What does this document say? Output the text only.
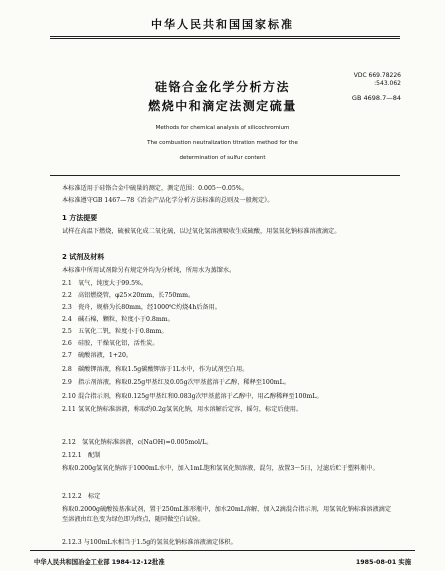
中华人民共和国国家标准
VDC 669.78226
:543.062
GB 4698.7—84
硅铬合金化学分析方法
燃烧中和滴定法测定硫量
Methods for chemical analysis of silicochromium
The combustion neutralization titration method for the
determination of sulfur content
本标准适用于硅铬合金中硫量的测定，测定范围：0.005～0.05%。
本标准遵守GB 1467—78《冶金产品化学分析方法标准的总则及一般规定》。
1 方法提要
试样在高温下燃烧，硫被氧化成二氧化硫，以过氧化氢溶液吸收生成硫酸，用氢氧化钠标准溶液滴定。
2 试剂及材料
本标准中所用试剂除另有规定外均为分析纯，所用水为蒸馏水。
2.1 氧气，纯度大于99.5%。
2.2 高铝燃烧管，φ25×20mm，长750mm。
2.3 瓷舟，规格为长80mm，经1000℃灼烧4h后备用。
2.4 碱石棉，颗粒，粒度小于0.8mm。
2.5 五氧化二钒，粒度小于0.8mm。
2.6 硅胶，干燥氧化铝，活性炭。
2.7 硫酸溶液，1+20。
2.8 碳酸钾溶液，称取1.5g碳酸钾溶于1L水中，作为试剂空白用。
2.9 指示剂溶液，称取0.25g甲基红及0.05g次甲基蓝溶于乙醇，稀释至100mL。
2.10 混合指示剂，称取0.125g甲基红和0.083g次甲基蓝溶于乙醇中，用乙醇稀释至100mL。
2.11 氢氧化钠标准溶液，称取约0.2g氢氧化钠，用水溶解后定容，摇匀，标定后使用。
2.12 氢氧化钠标准溶液，c(NaOH)=0.005mol/L。
2.12.1 配制
称取0.200g氢氧化钠溶于1000mL水中，加入1mL饱和氢氧化钡溶液，混匀，放置3～5日，过滤后贮于塑料瓶中。
2.12.2 标定
称取0.2000g硫酸铵基准试剂，置于250mL锥形瓶中，加水20mL溶解，加入2滴混合指示剂，用氢氧化钠标准溶液滴定至溶液由红色变为绿色即为终点，随同做空白试验。
2.12.3 与100mL水相当于1.5g的氢氧化钠标准溶液滴定体积。
中华人民共和国冶金工业部 1984-12-12批准	1985-08-01 实施
